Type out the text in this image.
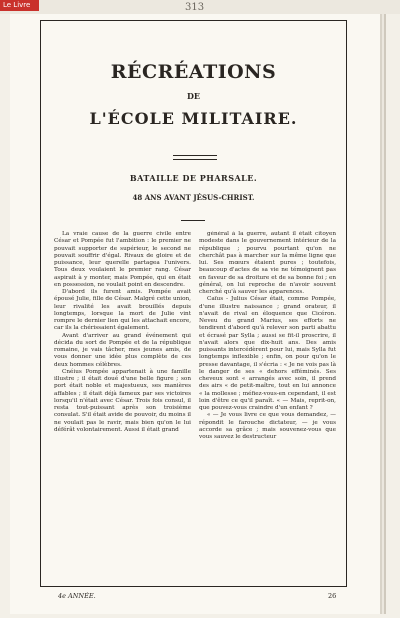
Le Livre	313
RÉCRÉATIONS
DE
L'ÉCOLE MILITAIRE.
BATAILLE DE PHARSALE.
48 ANS AVANT JÉSUS-CHRIST.

La vraie cause de la guerre civile entre César et Pompée fut l'ambition : le premier ne pouvait supporter de supérieur, le second ne pouvait souffrir d'égal. Rivaux de gloire et de puissance, leur querelle partagea l'univers. Tous deux voulaient le premier rang. César aspirait à y monter, mais Pompée, qui en était en possession, ne voulait point en descendre.

D'abord ils furent amis. Pompée avait épousé Julie, fille de César. Malgré cette union, leur rivalité les avait brouillés depuis longtemps, lorsque la mort de Julie vint rompre le dernier lien qui les attachait encore, car ils la chérissaient également.

Avant d'arriver au grand événement qui décida du sort de Pompée et de la république romaine, je vais tâcher, mes jeunes amis, de vous donner une idée plus complète de ces deux hommes célèbres.

Cnéius Pompée appartenait à une famille illustre ; il était doué d'une belle figure ; son port était noble et majestueux, ses manières affables ; il était déjà fameux par ses victoires lorsqu'il n'était avec César. Trois fois consul, il resta tout-puissant après son troisième consulat. S'il était avide de pouvoir, du moins il ne voulait pas le ravir, mais bien qu'on le lui déférât volontairement. Aussi il était grand

général à la guerre, autant il était citoyen modeste dans le gouvernement intérieur de la république ; pourvu pourtant qu'on ne cherchât pas à marcher sur la même ligne que lui. Ses mœurs étaient pures ; toutefois, beaucoup d'actes de sa vie ne témoignent pas en faveur de sa droiture et de sa bonne foi ; en général, on lui reproche de n'avoir souvent cherché qu'à sauver les apparences.

Caïus - Julius César était, comme Pompée, d'une illustre naissance ; grand orateur, il n'avait de rival en éloquence que Cicéron. Neveu du grand Marius, ses efforts ne tendirent d'abord qu'à relever son parti abattu et écrasé par Sylla ; aussi se fit-il proscrire, il n'avait alors que dix-huit ans. Des amis puissants intercédèrent pour lui, mais Sylla fut longtemps inflexible ; enfin, on pour qu'on le presse davantage, il s'écria : « Je ne vois pas là le danger de ses « dehors efféminés. Ses cheveux sont « arrangés avec soin, il prend des airs « de petit-maître, tout en lui annonce « la mollesse ; méfiez-vous-en cependant, il est loin d'être ce qu'il paraît. « — Mais, reprit-on, que pouvez-vous craindre d'un enfant ?

« — Je vous livre ce que vous demandez, — répondit le farouche dictateur, — je vous accorde sa grâce ; mais souvenez-vous que vous sauvez le destructeur

4e ANNÉE.	26
